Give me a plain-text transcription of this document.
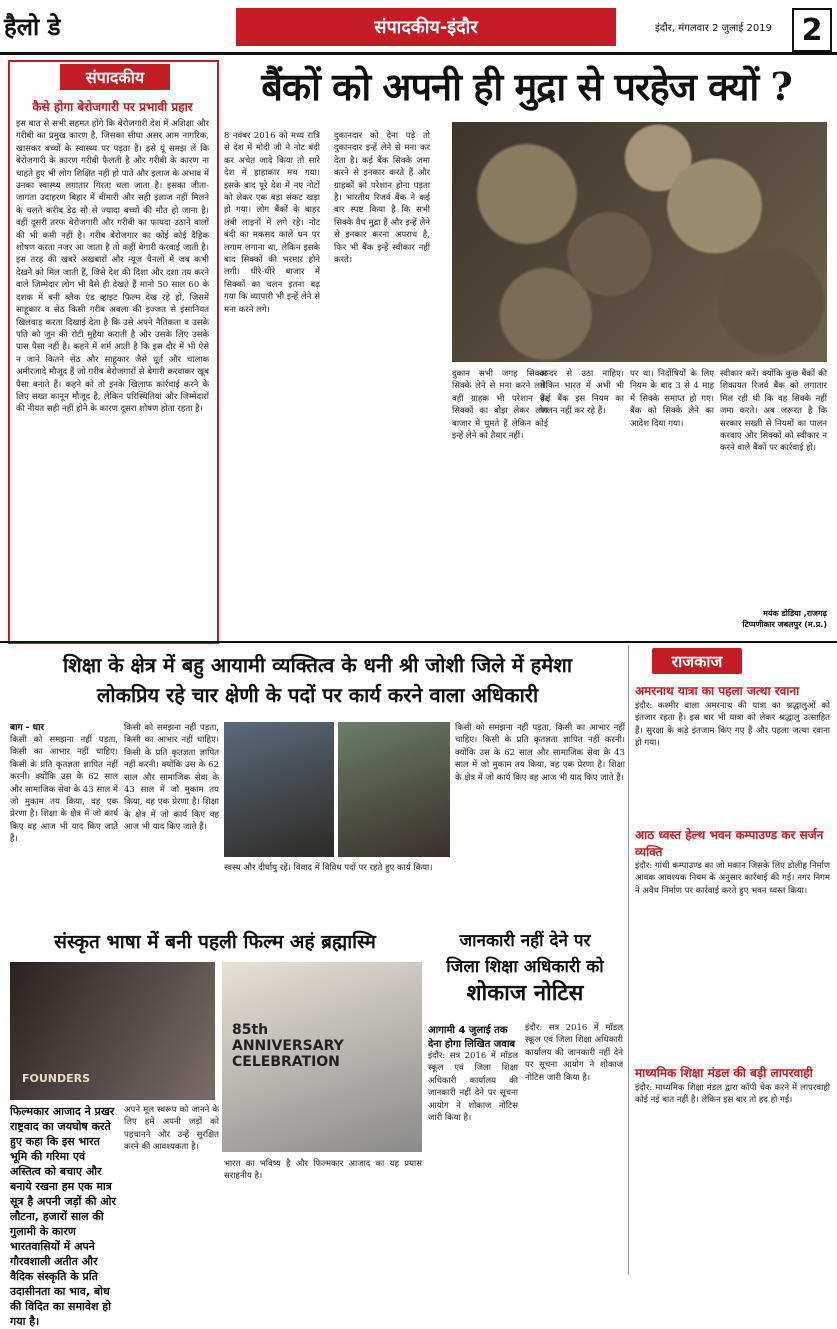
हैलो डे	संपादकीय-इंदौर	इंदौर, मंगलवार 2 जुलाई 2019 2
संपादकीय
कैसे होगा बेरोजगारी पर प्रभावी प्रहार
इस बात से सभी सहमत होंगे कि बेरोजगारी देश में अशिक्षा और गरीबी का प्रमुख कारण है, जिसका सीधा असर आम नागरिक, खासकर बच्चों के स्वास्थ्य पर पड़ता है। इसे यूं समझ लें कि बेरोजगारी के कारण गरीबी फैलती है और गरीबी के कारण ना चाहते हुए भी लोग शिक्षित नहीं हो पाते और इलाज के अभाव में उनका स्वास्थ्य लगातार गिरता चला जाता है। इसका जीता-जागता उदाहरण बिहार में बीमारी और सही इलाज नहीं मिलने के चलते करीब डेढ़ सौ से ज्यादा बच्चों की मौत हो जाना है। वहीं दूसरी तरफ बेरोजगारी और गरीबी का फायदा उठाने वालों की भी कमी नहीं है। गरीब बेरोजगार का कोई कोई दैहिक शोषण करता नजर आ जाता है तो कहीं बेगारी करवाई जाती है। इस तरह की खबरें अखबारों और न्यूज चैनलों में जब कभी देखने को मिल जाती हैं, जिसे देश की दिशा और दशा तय करने वाले जिम्मेदार लोग भी वैसे ही देखते हैं मानो 50 साल 60 के दशक में बनी ब्लैक एंड व्हाइट फिल्म देख रहे हों, जिसमें साहूकार व सेठ किसी गरीब अबला की इज्जत से इंसानियत खिलवाड़ करता दिखाई देता है कि उसे अपने नैतिकता व उसके पति को जुन की रोटी मुहैया कराती है और उसके लिए उसके पास पैसा नहीं है। कहने में शर्म आती है कि इस दौर में भी ऐसे न जाने कितने सेठ और साहूकार जैसे धूर्त और चालाक अमीरजादे मौजूद हैं जो गरीब बेरोजगारों से बेगारी करवाकर खूब पैसा बनाते हैं। कहने को तो इनके खिलाफ कार्रवाई करने के लिए सख्त कानून मौजूद है, लेकिन परिस्थितियां और जिम्मेदारों की नीयत सही नहीं होने के कारण दूसरा शोषण होता रहता है।
बैंकों को अपनी ही मुद्रा से परहेज क्यों ?
8 नवंबर 2016 को मध्य रात्रि से देश में मोदी जी ने नोट बंदी कर अचेत जादे किया तो सारे देश में हाहाकार मच गया। इसके बाद पूरे देश में नए नोटों को लेकर एक बड़ा संकट खड़ा हो गया। लोग बैंकों के बाहर लंबी लाइनों में लगे रहे। नोट बंदी का मकसद काले धन पर लगाम लगाना था, लेकिन इसके बाद सिक्कों की भरमार होने लगी। धीरे-धीरे बाजार में सिक्कों का चलन इतना बढ़ गया कि व्यापारी भी इन्हें लेने से मना करने लगे।
दुकानदार को देना पड़े तो दुकानदार इन्हें लेने से मना कर देता है। कई बैंक सिक्के जमा करने से इनकार करते हैं और ग्राहकों को परेशान होना पड़ता है। भारतीय रिजर्व बैंक ने कई बार स्पष्ट किया है कि सभी सिक्के वैध मुद्रा हैं और इन्हें लेने से इनकार करना अपराध है, फिर भी बैंक इन्हें स्वीकार नहीं करते।
दुकान सभी जगह सिक्का सिक्के लेने से मना करने लगे। वहीं ग्राहक भी परेशान हैं। सिक्कों का बोझ लेकर लोग बाजार में घूमते हैं लेकिन कोई इन्हें लेने को तैयार नहीं।
अन्दर से उठा नाहिए। लेकिन भारत में अभी भी कई बैंक इस नियम का पालन नहीं कर रहे हैं।
पर था। निर्दोषियों के लिए नियम के बाद 3 से 4 माह में सिक्के समाप्त हो गए। बैंक को सिक्के लेने का आदेश दिया गया।
स्वीकार करें। क्योंकि कुछ बैंकों की शिकायत रिजर्व बैंक को लगातार मिल रही थी कि वह सिक्के नहीं जमा करते। अब जरूरत है कि सरकार सख्ती से नियमों का पालन करवाए और सिक्कों को स्वीकार न करने वाले बैंकों पर कार्रवाई हो।
मयंक डोडिया ,राजगढ़
टिप्पणीकार जबलपुर (म.प्र.)
शिक्षा के क्षेत्र में बहु आयामी व्यक्तित्व के धनी श्री जोशी जिले में हमेशा
लोकप्रिय रहे चार क्षेणी के पदों पर कार्य करने वाला अधिकारी
बाग - धार
किसी को समझना नहीं पड़ता, किसी का आभार नहीं चाहिए। किसी के प्रति कृतज्ञता ज्ञापित नहीं करनी। क्योंकि उस के 62 साल और सामाजिक सेवा के 43 साल में जो मुकाम तय किया, वह एक प्रेरणा है। शिक्षा के क्षेत्र में जो कार्य किए वह आज भी याद किए जाते हैं।
किसी को समझना नहीं पड़ता, किसी का आभार नहीं चाहिए। किसी के प्रति कृतज्ञता ज्ञापित नहीं करनी। क्योंकि उस के 62 साल और सामाजिक सेवा के 43 साल में जो मुकाम तय किया, वह एक प्रेरणा है। शिक्षा के क्षेत्र में जो कार्य किए वह आज भी याद किए जाते हैं।
स्वस्थ और दीर्घायु रहें। विवाद में विविध पदों पर रहते हुए कार्य किया।
किसी को समझना नहीं पड़ता, किसी का आभार नहीं चाहिए। किसी के प्रति कृतज्ञता ज्ञापित नहीं करनी। क्योंकि उस के 62 साल और सामाजिक सेवा के 43 साल में जो मुकाम तय किया, वह एक प्रेरणा है। शिक्षा के क्षेत्र में जो कार्य किए वह आज भी याद किए जाते हैं।
राजकाज
अमरनाथ यात्रा का पहला जत्था रवाना
इंदौर: कश्मीर वाला अमरनाथ की यात्रा का श्रद्धालुओं को इंतजार रहता है। इस बार भी यात्रा को लेकर श्रद्धालु उत्साहित हैं। सुरक्षा के कड़े इंतजाम किए गए हैं और पहला जत्था रवाना हो गया।
आठ ध्वस्त हेल्थ भवन कम्पाउण्ड कर सर्जन व्यक्ति
इंदौर: गांधी कम्पाउण्ड का जो मकान जिसके लिए डोलीह निर्माण आवक आवश्यक नियम के अनुसार कार्रवाई की गई। नगर निगम ने अवैध निर्माण पर कार्रवाई करते हुए भवन ध्वस्त किया।
माध्यमिक शिक्षा मंडल की बड़ी लापरवाही
इंदौर: माध्यमिक शिक्षा मंडल द्वारा कॉपी चेक करने में लापरवाही कोई नई बात नहीं है। लेकिन इस बार तो हद हो गई।
संस्कृत भाषा में बनी पहली फिल्म अहं ब्रह्मास्मि
FOUNDERS
85th ANNIVERSARY CELEBRATION
फिल्मकार आजाद ने प्रखर राष्ट्रवाद का जयघोष करते हुए कहा कि इस भारत भूमि की गरिमा एवं अस्तित्व को बचाए और बनाये रखना हम एक मात्र सूत्र है अपनी जड़ों की ओर लौटना, हजारों साल की गुलामी के कारण भारतवासियों में अपने गौरवशाली अतीत और वैदिक संस्कृति के प्रति उदासीनता का भाव, बोध की विदित का समावेश हो गया है।
अपने मूल स्वरूप को जानने के लिए हमें अपनी जड़ों को पहचानने और उन्हें सुरक्षित करने की आवश्यकता है।
भारत का भविष्य है और फिल्मकार आजाद का यह प्रयास सराहनीय है।
जानकारी नहीं देने पर
जिला शिक्षा अधिकारी को
शोकाज नोटिस
आगामी 4 जुलाई तक देना होगा लिखित जवाब
इंदौर: सत्र 2016 में मॉडल स्कूल एवं जिला शिक्षा अधिकारी कार्यालय की जानकारी नहीं देने पर सूचना आयोग ने शोकाज नोटिस जारी किया है।
इंदौर: सत्र 2016 में मॉडल स्कूल एवं जिला शिक्षा अधिकारी कार्यालय की जानकारी नहीं देने पर सूचना आयोग ने शोकाज नोटिस जारी किया है।
